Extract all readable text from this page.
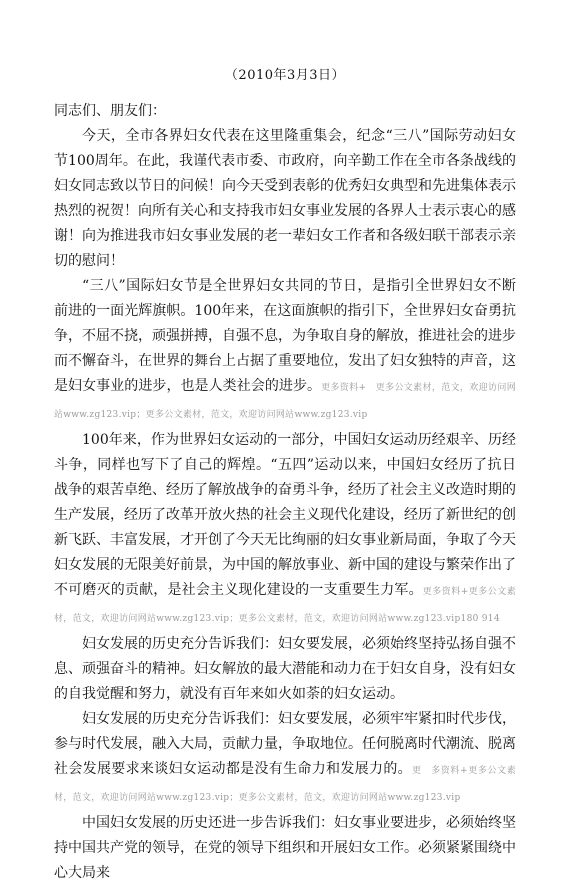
（2010年3月3日）

同志们、朋友们：

今天，全市各界妇女代表在这里隆重集会，纪念“三八”国际劳动妇女节100周年。在此，我谨代表市委、市政府，向辛勤工作在全市各条战线的妇女同志致以节日的问候！向今天受到表彰的优秀妇女典型和先进集体表示热烈的祝贺！向所有关心和支持我市妇女事业发展的各界人士表示衷心的感谢！向为推进我市妇女事业发展的老一辈妇女工作者和各级妇联干部表示亲切的慰问！

“三八”国际妇女节是全世界妇女共同的节日，是指引全世界妇女不断前进的一面光辉旗帜。100年来，在这面旗帜的指引下，全世界妇女奋勇抗争，不屈不挠，顽强拼搏，自强不息，为争取自身的解放，推进社会的进步而不懈奋斗，在世界的舞台上占据了重要地位，发出了妇女独特的声音，这是妇女事业的进步，也是人类社会的进步。更多资料+　更多公文素材，范文，欢迎访问网站www.zg123.vip；更多公文素材，范文，欢迎访问网站www.zg123.vip

100年来，作为世界妇女运动的一部分，中国妇女运动历经艰辛、历经斗争，同样也写下了自己的辉煌。“五四”运动以来，中国妇女经历了抗日战争的艰苦卓绝、经历了解放战争的奋勇斗争，经历了社会主义改造时期的生产发展，经历了改革开放火热的社会主义现代化建设，经历了新世纪的创新飞跃、丰富发展，才开创了今天无比绚丽的妇女事业新局面，争取了今天妇女发展的无限美好前景，为中国的解放事业、新中国的建设与繁荣作出了不可磨灭的贡献，是社会主义现化建设的一支重要生力军。更多资料+更多公文素材，范文，欢迎访问网站www.zg123.vip；更多公文素材，范文，欢迎访问网站www.zg123.vip180 914

妇女发展的历史充分告诉我们：妇女要发展，必须始终坚持弘扬自强不息、顽强奋斗的精神。妇女解放的最大潜能和动力在于妇女自身，没有妇女的自我觉醒和努力，就没有百年来如火如荼的妇女运动。

妇女发展的历史充分告诉我们：妇女要发展，必须牢牢紧扣时代步伐，参与时代发展，融入大局，贡献力量，争取地位。任何脱离时代潮流、脱离社会发展要求来谈妇女运动都是没有生命力和发展力的。更　多资料+更多公文素材，范文，欢迎访问网站www.zg123.vip；更多公文素材，范文，欢迎访问网站www.zg123.vip

中国妇女发展的历史还进一步告诉我们：妇女事业要进步，必须始终坚持中国共产党的领导，在党的领导下组织和开展妇女工作。必须紧紧围绕中心大局来
